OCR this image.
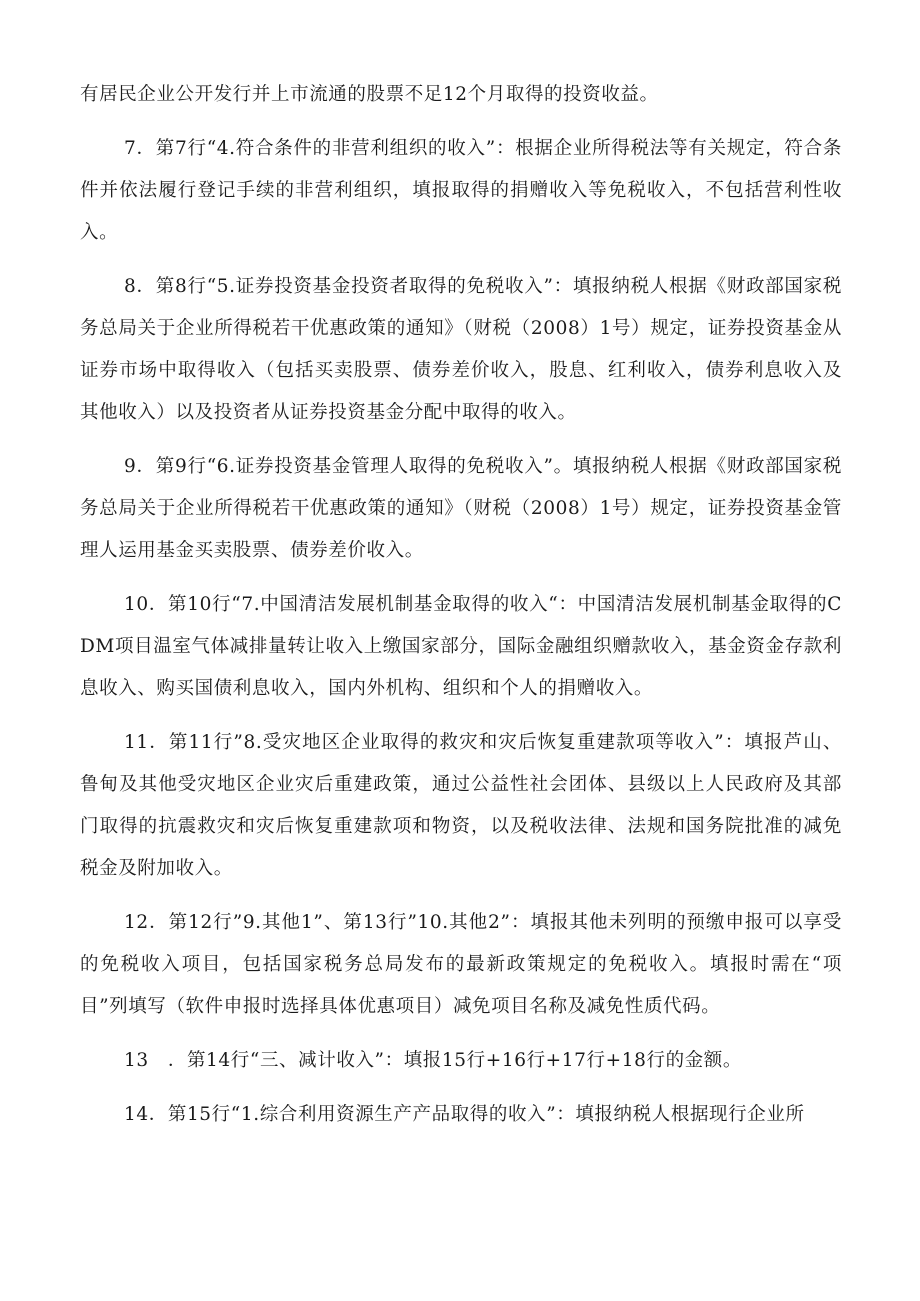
有居民企业公开发行并上市流通的股票不足12个月取得的投资收益。

7．第7行“4.符合条件的非营利组织的收入”：根据企业所得税法等有关规定，符合条件并依法履行登记手续的非营利组织，填报取得的捐赠收入等免税收入，不包括营利性收入。

8．第8行“5.证券投资基金投资者取得的免税收入”：填报纳税人根据《财政部国家税务总局关于企业所得税若干优惠政策的通知》（财税（2008）1号）规定，证券投资基金从证券市场中取得收入（包括买卖股票、债券差价收入，股息、红利收入，债券利息收入及其他收入）以及投资者从证券投资基金分配中取得的收入。

9．第9行“6.证券投资基金管理人取得的免税收入”。填报纳税人根据《财政部国家税务总局关于企业所得税若干优惠政策的通知》（财税（2008）1号）规定，证券投资基金管理人运用基金买卖股票、债券差价收入。

10．第10行“7.中国清洁发展机制基金取得的收入“：中国清洁发展机制基金取得的CDM项目温室气体减排量转让收入上缴国家部分，国际金融组织赠款收入，基金资金存款利息收入、购买国债利息收入，国内外机构、组织和个人的捐赠收入。

11．第11行”8.受灾地区企业取得的救灾和灾后恢复重建款项等收入”：填报芦山、鲁甸及其他受灾地区企业灾后重建政策，通过公益性社会团体、县级以上人民政府及其部门取得的抗震救灾和灾后恢复重建款项和物资，以及税收法律、法规和国务院批准的减免税金及附加收入。

12．第12行”9.其他1”、第13行”10.其他2”：填报其他未列明的预缴申报可以享受的免税收入项目，包括国家税务总局发布的最新政策规定的免税收入。填报时需在“项目”列填写（软件申报时选择具体优惠项目）减免项目名称及减免性质代码。

13　．第14行“三、减计收入”：填报15行+16行+17行+18行的金额。

14．第15行“1.综合利用资源生产产品取得的收入”：填报纳税人根据现行企业所
